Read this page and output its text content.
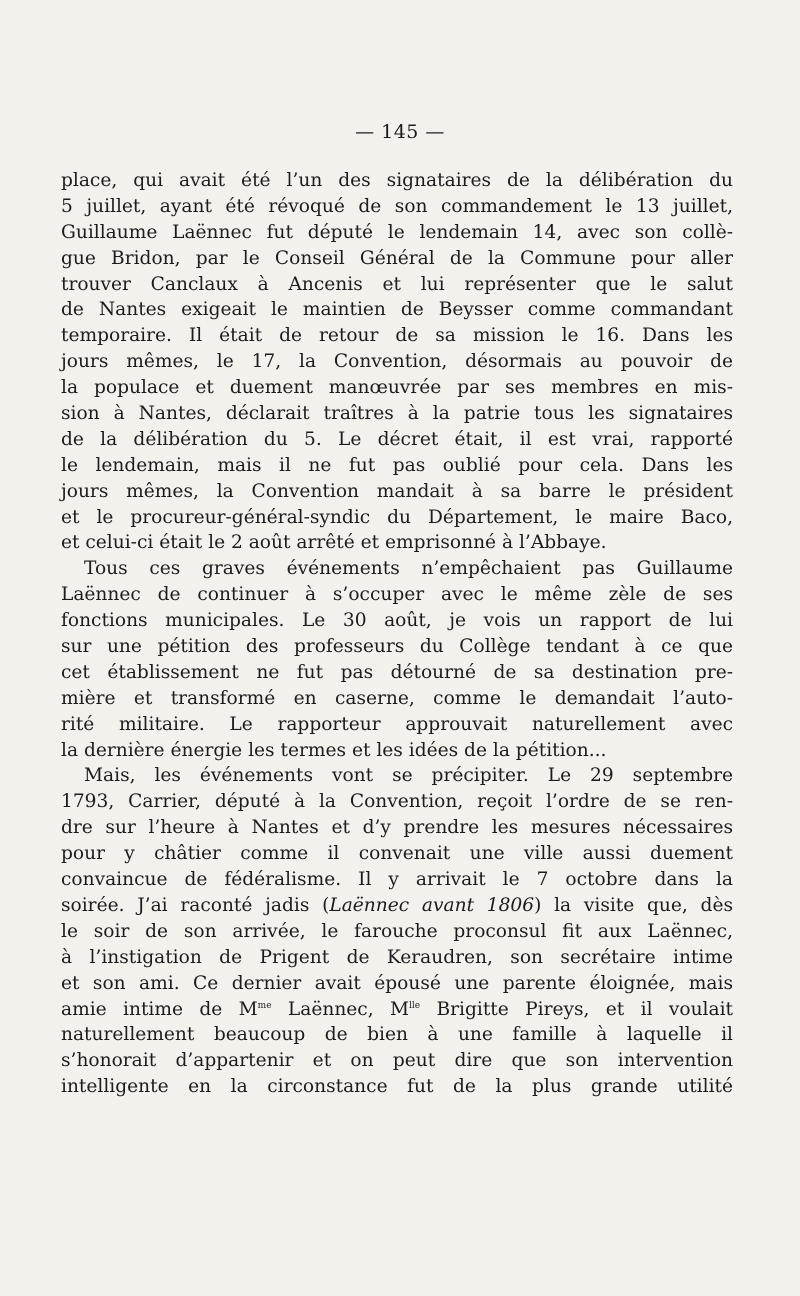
— 145 —
place, qui avait été l’un des signataires de la délibération du
5 juillet, ayant été révoqué de son commandement le 13 juillet,
Guillaume Laënnec fut député le lendemain 14, avec son collè-
gue Bridon, par le Conseil Général de la Commune pour aller
trouver Canclaux à Ancenis et lui représenter que le salut
de Nantes exigeait le maintien de Beysser comme commandant
temporaire. Il était de retour de sa mission le 16. Dans les
jours mêmes, le 17, la Convention, désormais au pouvoir de
la populace et duement manœuvrée par ses membres en mis-
sion à Nantes, déclarait traîtres à la patrie tous les signataires
de la délibération du 5. Le décret était, il est vrai, rapporté
le lendemain, mais il ne fut pas oublié pour cela. Dans les
jours mêmes, la Convention mandait à sa barre le président
et le procureur-général-syndic du Département, le maire Baco,
et celui-ci était le 2 août arrêté et emprisonné à l’Abbaye.
Tous ces graves événements n’empêchaient pas Guillaume
Laënnec de continuer à s’occuper avec le même zèle de ses
fonctions municipales. Le 30 août, je vois un rapport de lui
sur une pétition des professeurs du Collège tendant à ce que
cet établissement ne fut pas détourné de sa destination pre-
mière et transformé en caserne, comme le demandait l’auto-
rité militaire. Le rapporteur approuvait naturellement avec
la dernière énergie les termes et les idées de la pétition...
Mais, les événements vont se précipiter. Le 29 septembre
1793, Carrier, député à la Convention, reçoit l’ordre de se ren-
dre sur l’heure à Nantes et d’y prendre les mesures nécessaires
pour y châtier comme il convenait une ville aussi duement
convaincue de fédéralisme. Il y arrivait le 7 octobre dans la
soirée. J’ai raconté jadis (Laënnec avant 1806) la visite que, dès
le soir de son arrivée, le farouche proconsul fit aux Laënnec,
à l’instigation de Prigent de Keraudren, son secrétaire intime
et son ami. Ce dernier avait épousé une parente éloignée, mais
amie intime de $M^{me}$ Laënnec, $M^{lle}$ Brigitte Pireys, et il voulait
naturellement beaucoup de bien à une famille à laquelle il
s’honorait d’appartenir et on peut dire que son intervention
intelligente en la circonstance fut de la plus grande utilité
